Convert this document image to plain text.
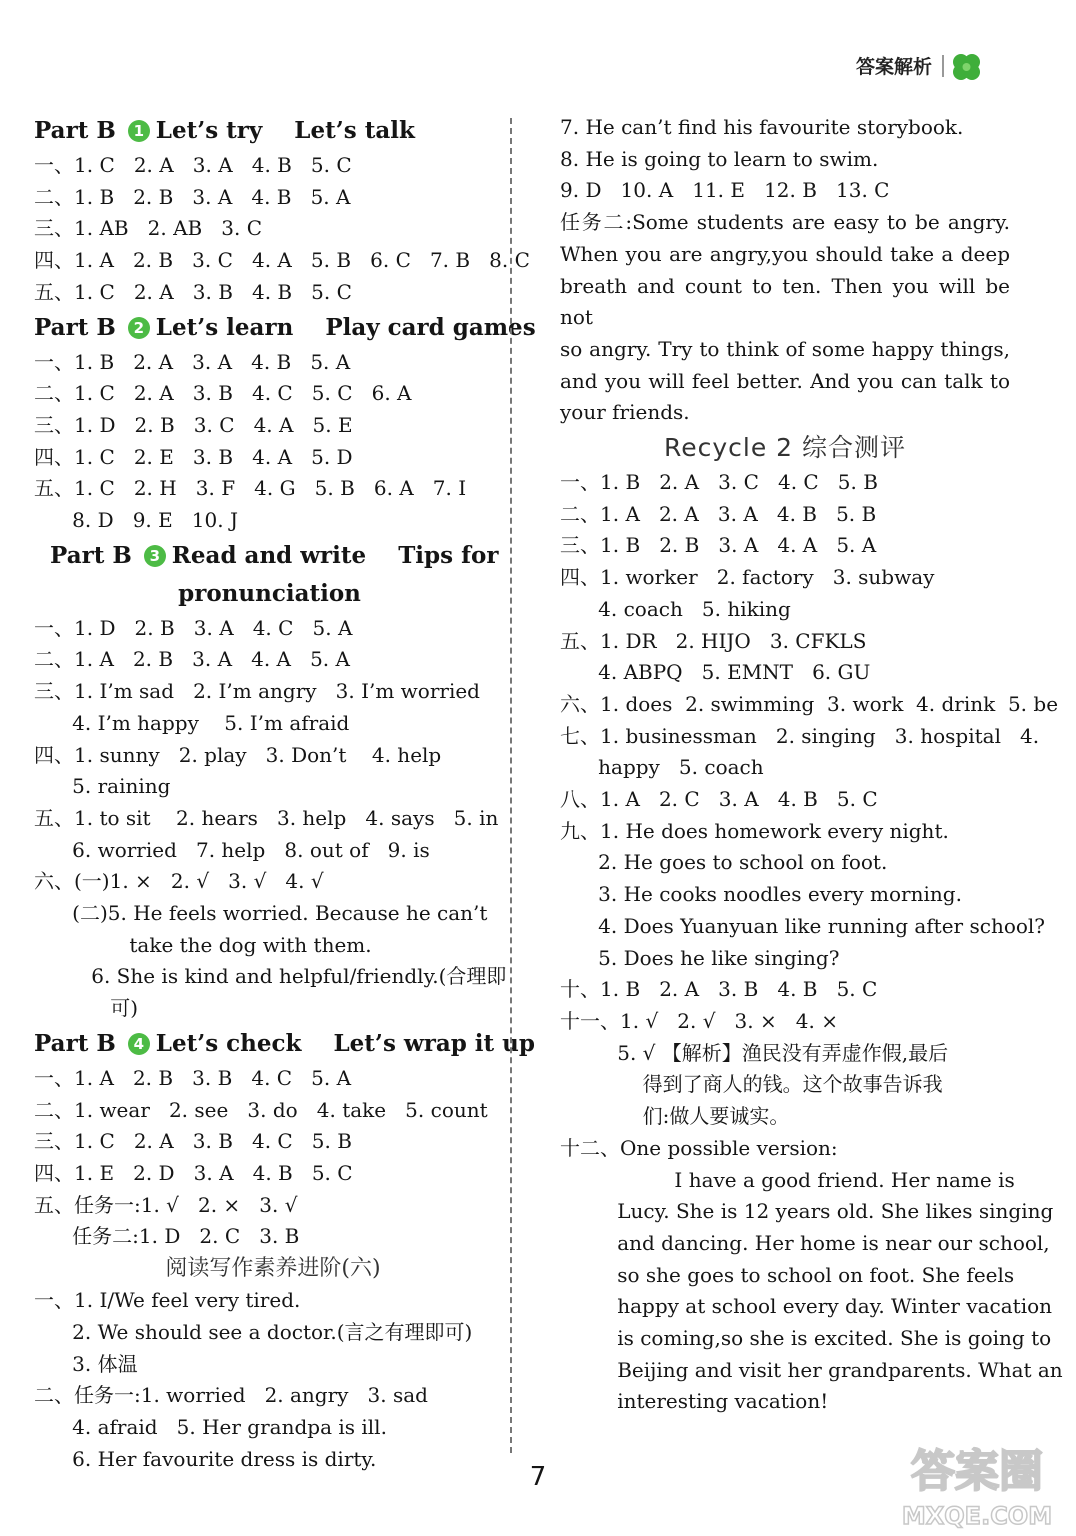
答案解析
Part B 1 Let’s try    Let’s talk
一、1. C   2. A   3. A   4. B   5. C
二、1. B   2. B   3. A   4. B   5. A
三、1. AB   2. AB   3. C
四、1. A   2. B   3. C   4. A   5. B   6. C   7. B   8. C
五、1. C   2. A   3. B   4. B   5. C
Part B 2 Let’s learn    Play card games
一、1. B   2. A   3. A   4. B   5. A
二、1. C   2. A   3. B   4. C   5. C   6. A
三、1. D   2. B   3. C   4. A   5. E
四、1. C   2. E   3. B   4. A   5. D
五、1. C   2. H   3. F   4. G   5. B   6. A   7. I
8. D   9. E   10. J
Part B 3 Read and write    Tips for
pronunciation
一、1. D   2. B   3. A   4. C   5. A
二、1. A   2. B   3. A   4. A   5. A
三、1. I’m sad   2. I’m angry   3. I’m worried
4. I’m happy    5. I’m afraid
四、1. sunny   2. play   3. Don’t    4. help
5. raining
五、1. to sit    2. hears   3. help   4. says   5. in
6. worried   7. help   8. out of   9. is
六、(一)1. ×   2. √   3. √   4. √
(二)5. He feels worried. Because he can’t
take the dog with them.
6. She is kind and helpful/friendly.(合理即
可)
Part B 4 Let’s check    Let’s wrap it up
一、1. A   2. B   3. B   4. C   5. A
二、1. wear   2. see   3. do   4. take   5. count
三、1. C   2. A   3. B   4. C   5. B
四、1. E   2. D   3. A   4. B   5. C
五、任务一:1. √   2. ×   3. √
任务二:1. D   2. C   3. B
阅读写作素养进阶(六)
一、1. I/We feel very tired.
2. We should see a doctor.(言之有理即可)
3. 体温
二、任务一:1. worried   2. angry   3. sad
4. afraid   5. Her grandpa is ill.
6. Her favourite dress is dirty.
7. He can’t find his favourite storybook.
8. He is going to learn to swim.
9. D   10. A   11. E   12. B   13. C
任务二:Some students are easy to be angry.
When you are angry,you should take a deep
breath and count to ten. Then you will be not
so angry. Try to think of some happy things,
and you will feel better. And you can talk to
your friends.
Recycle 2 综合测评
一、1. B   2. A   3. C   4. C   5. B
二、1. A   2. A   3. A   4. B   5. B
三、1. B   2. B   3. A   4. A   5. A
四、1. worker   2. factory   3. subway
4. coach   5. hiking
五、1. DR   2. HIJO   3. CFKLS
4. ABPQ   5. EMNT   6. GU
六、1. does  2. swimming  3. work  4. drink  5. be
七、1. businessman   2. singing   3. hospital   4.
happy   5. coach
八、1. A   2. C   3. A   4. B   5. C
九、1. He does homework every night.
2. He goes to school on foot.
3. He cooks noodles every morning.
4. Does Yuanyuan like running after school?
5. Does he like singing?
十、1. B   2. A   3. B   4. B   5. C
十一、1. √   2. √   3. ×   4. ×
5. √ 【解析】渔民没有弄虚作假,最后
得到了商人的钱。这个故事告诉我
们:做人要诚实。
十二、One possible version:
I have a good friend. Her name is
Lucy. She is 12 years old. She likes singing
and dancing. Her home is near our school,
so she goes to school on foot. She feels
happy at school every day. Winter vacation
is coming,so she is excited. She is going to
Beijing and visit her grandparents. What an
interesting vacation!
7	答案圈
MXQE.COM
